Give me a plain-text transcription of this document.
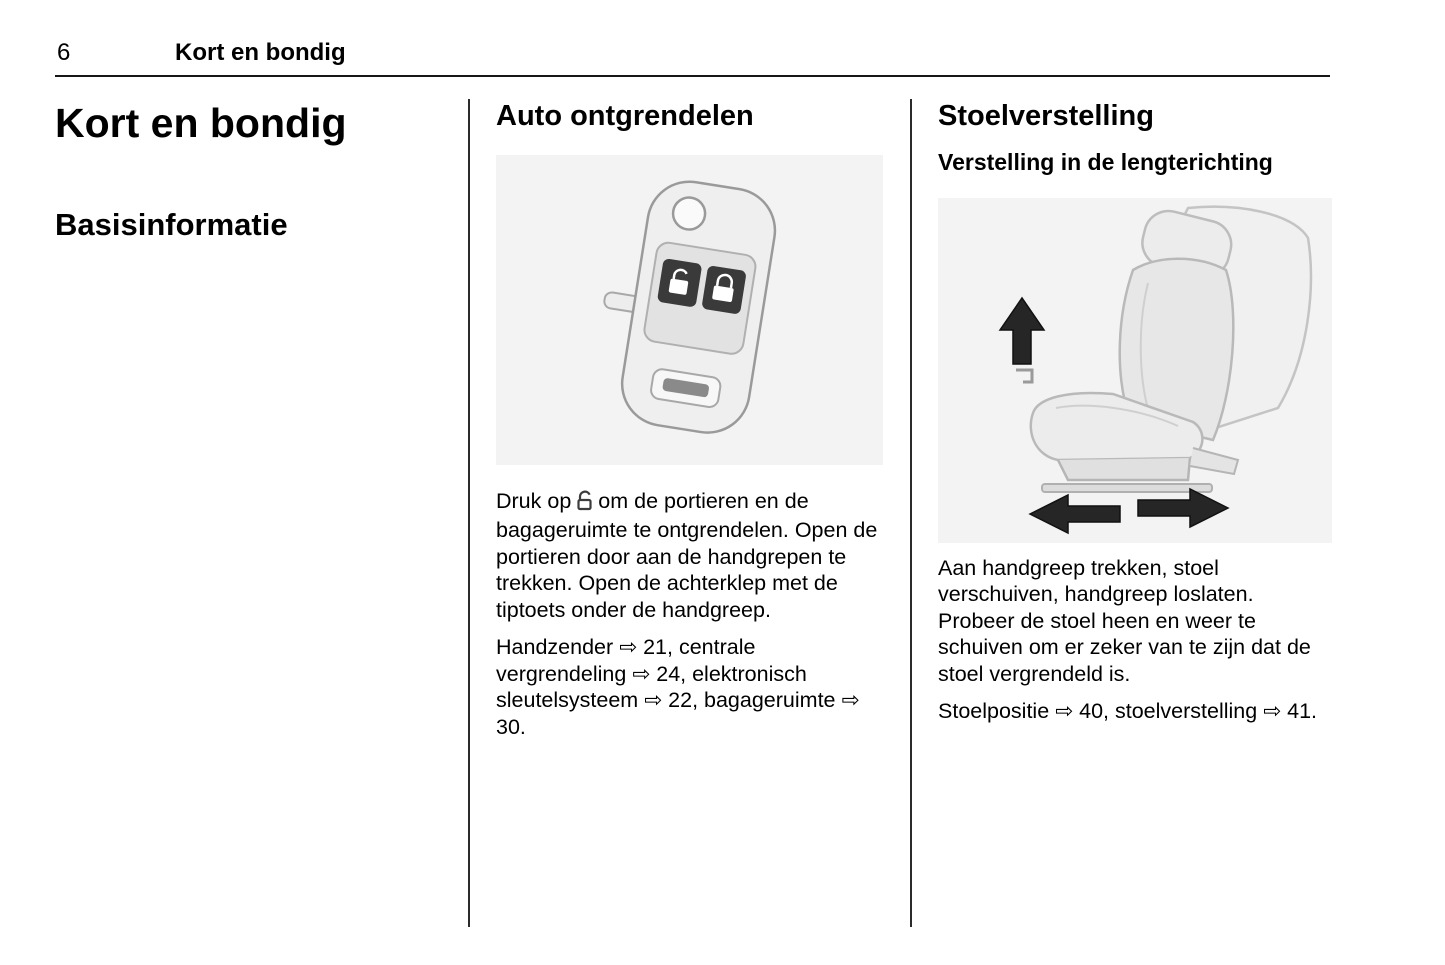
6	Kort en bondig
Kort en bondig
Basisinformatie
Auto ontgrendelen

Druk op om de portieren en de bagageruimte te ontgrendelen. Open de portieren door aan de handgrepen te trekken. Open de achterklep met de tiptoets onder de handgreep.

Handzender ⇨ 21, centrale vergrendeling ⇨ 24, elektronisch sleutelsysteem ⇨ 22, bagageruimte ⇨ 30.

Stoelverstelling
Verstelling in de lengterichting

Aan handgreep trekken, stoel verschuiven, handgreep loslaten. Probeer de stoel heen en weer te schuiven om er zeker van te zijn dat de stoel vergrendeld is.

Stoelpositie ⇨ 40, stoelverstelling ⇨ 41.
